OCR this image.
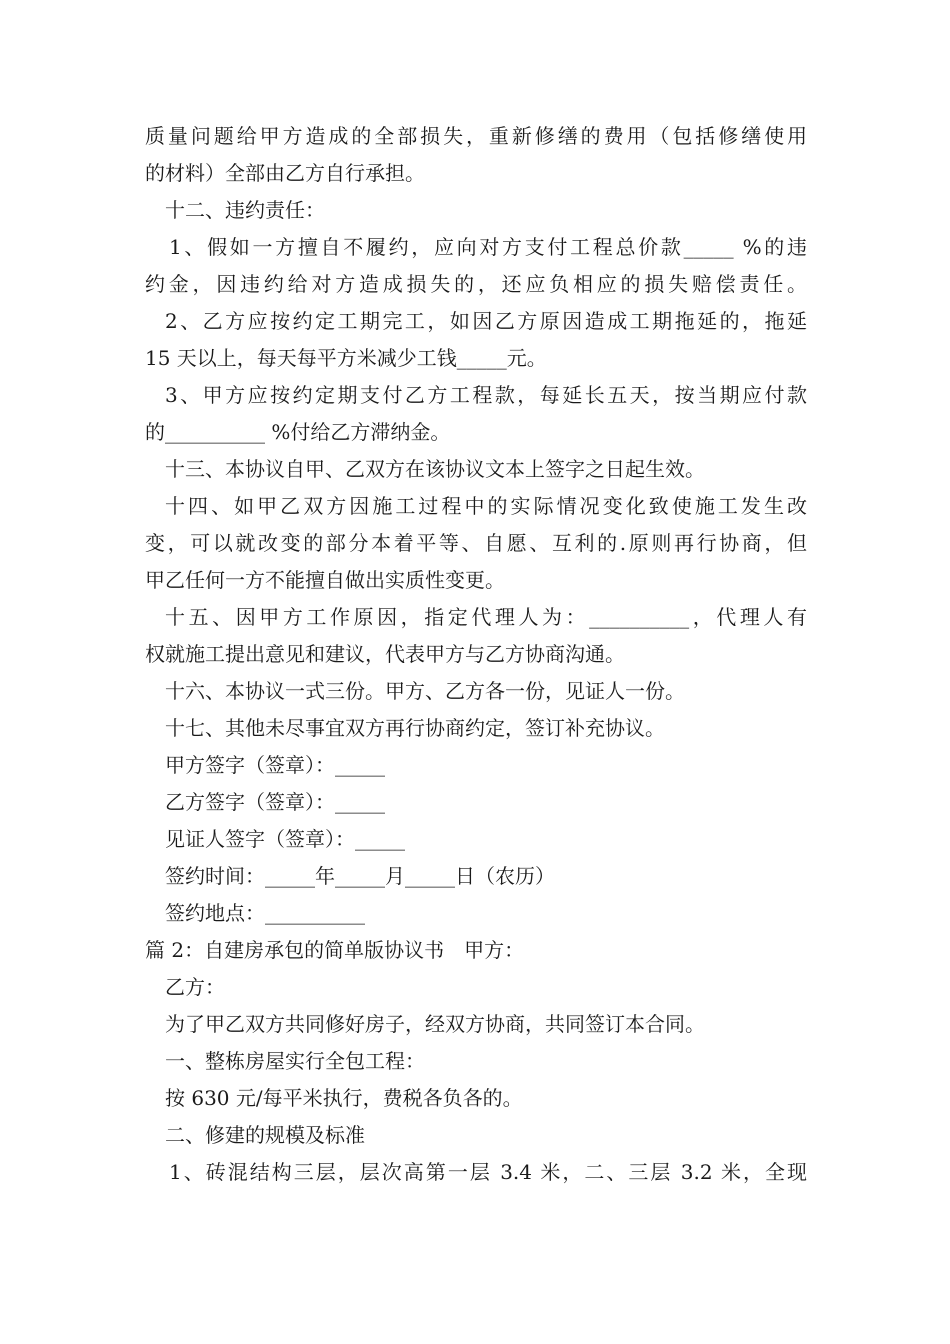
质量问题给甲方造成的全部损失，重新修缮的费用（包括修缮使用
的材料）全部由乙方自行承担。
十二、违约责任：
1、假如一方擅自不履约，应向对方支付工程总价款_____ %的违
约金，因违约给对方造成损失的，还应负相应的损失赔偿责任。
2、乙方应按约定工期完工，如因乙方原因造成工期拖延的，拖延
15 天以上，每天每平方米减少工钱_____元。
3、甲方应按约定期支付乙方工程款，每延长五天，按当期应付款
的__________ %付给乙方滞纳金。
十三、本协议自甲、乙双方在该协议文本上签字之日起生效。
十四、如甲乙双方因施工过程中的实际情况变化致使施工发生改
变，可以就改变的部分本着平等、自愿、互利的.原则再行协商，但
甲乙任何一方不能擅自做出实质性变更。
十五、因甲方工作原因，指定代理人为：__________，代理人有
权就施工提出意见和建议，代表甲方与乙方协商沟通。
十六、本协议一式三份。甲方、乙方各一份，见证人一份。
十七、其他未尽事宜双方再行协商约定，签订补充协议。
甲方签字（签章）：_____
乙方签字（签章）：_____
见证人签字（签章）：_____
签约时间：_____年_____月_____日（农历）
签约地点：__________
篇 2：自建房承包的简单版协议书　甲方：
乙方：
为了甲乙双方共同修好房子，经双方协商，共同签订本合同。
一、整栋房屋实行全包工程：
按 630 元/每平米执行，费税各负各的。
二、修建的规模及标准
1、砖混结构三层，层次高第一层 3.4 米，二、三层 3.2 米，全现
